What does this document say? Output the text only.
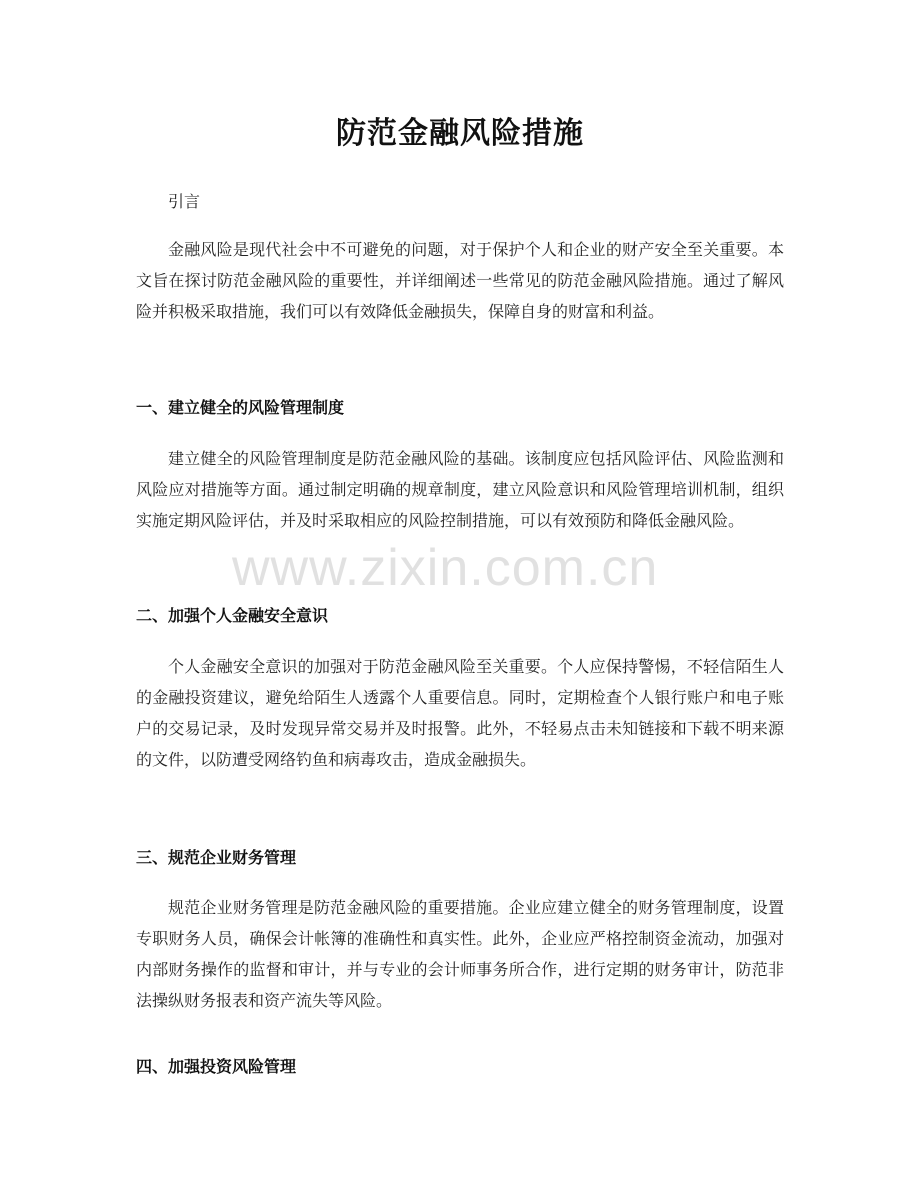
防范金融风险措施

引言

金融风险是现代社会中不可避免的问题，对于保护个人和企业的财产安全至关重要。本文旨在探讨防范金融风险的重要性，并详细阐述一些常见的防范金融风险措施。通过了解风险并积极采取措施，我们可以有效降低金融损失，保障自身的财富和利益。

一、建立健全的风险管理制度

建立健全的风险管理制度是防范金融风险的基础。该制度应包括风险评估、风险监测和风险应对措施等方面。通过制定明确的规章制度，建立风险意识和风险管理培训机制，组织实施定期风险评估，并及时采取相应的风险控制措施，可以有效预防和降低金融风险。

二、加强个人金融安全意识

个人金融安全意识的加强对于防范金融风险至关重要。个人应保持警惕，不轻信陌生人的金融投资建议，避免给陌生人透露个人重要信息。同时，定期检查个人银行账户和电子账户的交易记录，及时发现异常交易并及时报警。此外，不轻易点击未知链接和下载不明来源的文件，以防遭受网络钓鱼和病毒攻击，造成金融损失。

三、规范企业财务管理

规范企业财务管理是防范金融风险的重要措施。企业应建立健全的财务管理制度，设置专职财务人员，确保会计帐簿的准确性和真实性。此外，企业应严格控制资金流动，加强对内部财务操作的监督和审计，并与专业的会计师事务所合作，进行定期的财务审计，防范非法操纵财务报表和资产流失等风险。

四、加强投资风险管理
www.zixin.com.cn
